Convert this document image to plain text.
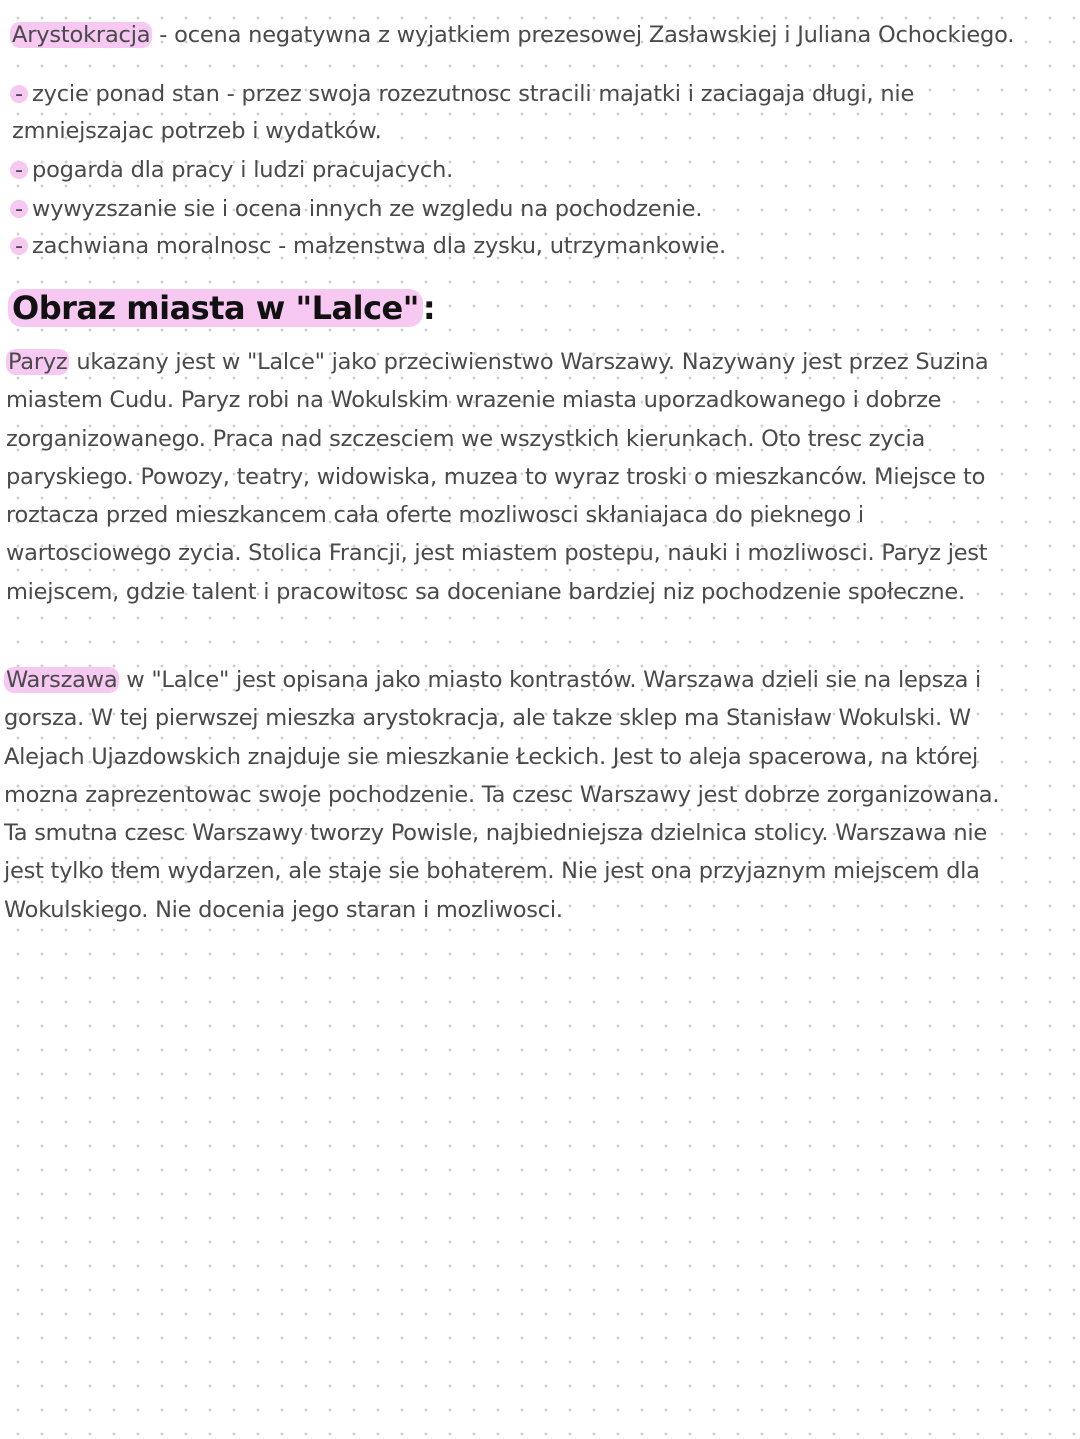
Arystokracja - ocena negatywna z wyjatkiem prezesowej Zasławskiej i Juliana Ochockiego.
- zycie ponad stan - przez swoja rozezutnosc stracili majatki i zaciagaja długi, nie
zmniejszajac potrzeb i wydatków.
- pogarda dla pracy i ludzi pracujacych.
- wywyzszanie sie i ocena innych ze wzgledu na pochodzenie.
- zachwiana moralnosc - małzenstwa dla zysku, utrzymankowie.
Obraz miasta w "Lalce" :
Paryz ukazany jest w "Lalce" jako przeciwienstwo Warszawy. Nazywany jest przez Suzina
miastem Cudu. Paryz robi na Wokulskim wrazenie miasta uporzadkowanego i dobrze
zorganizowanego. Praca nad szczesciem we wszystkich kierunkach. Oto tresc zycia
paryskiego. Powozy, teatry, widowiska, muzea to wyraz troski o mieszkanców. Miejsce to
roztacza przed mieszkancem cała oferte mozliwosci skłaniajaca do pieknego i
wartosciowego zycia. Stolica Francji, jest miastem postepu, nauki i mozliwosci. Paryz jest
miejscem, gdzie talent i pracowitosc sa doceniane bardziej niz pochodzenie społeczne.
Warszawa w "Lalce" jest opisana jako miasto kontrastów. Warszawa dzieli sie na lepsza i
gorsza. W tej pierwszej mieszka arystokracja, ale takze sklep ma Stanisław Wokulski. W
Alejach Ujazdowskich znajduje sie mieszkanie Łeckich. Jest to aleja spacerowa, na której
mozna zaprezentowac swoje pochodzenie. Ta czesc Warszawy jest dobrze zorganizowana.
Ta smutna czesc Warszawy tworzy Powisle, najbiedniejsza dzielnica stolicy. Warszawa nie
jest tylko tłem wydarzen, ale staje sie bohaterem. Nie jest ona przyjaznym miejscem dla
Wokulskiego. Nie docenia jego staran i mozliwosci.
